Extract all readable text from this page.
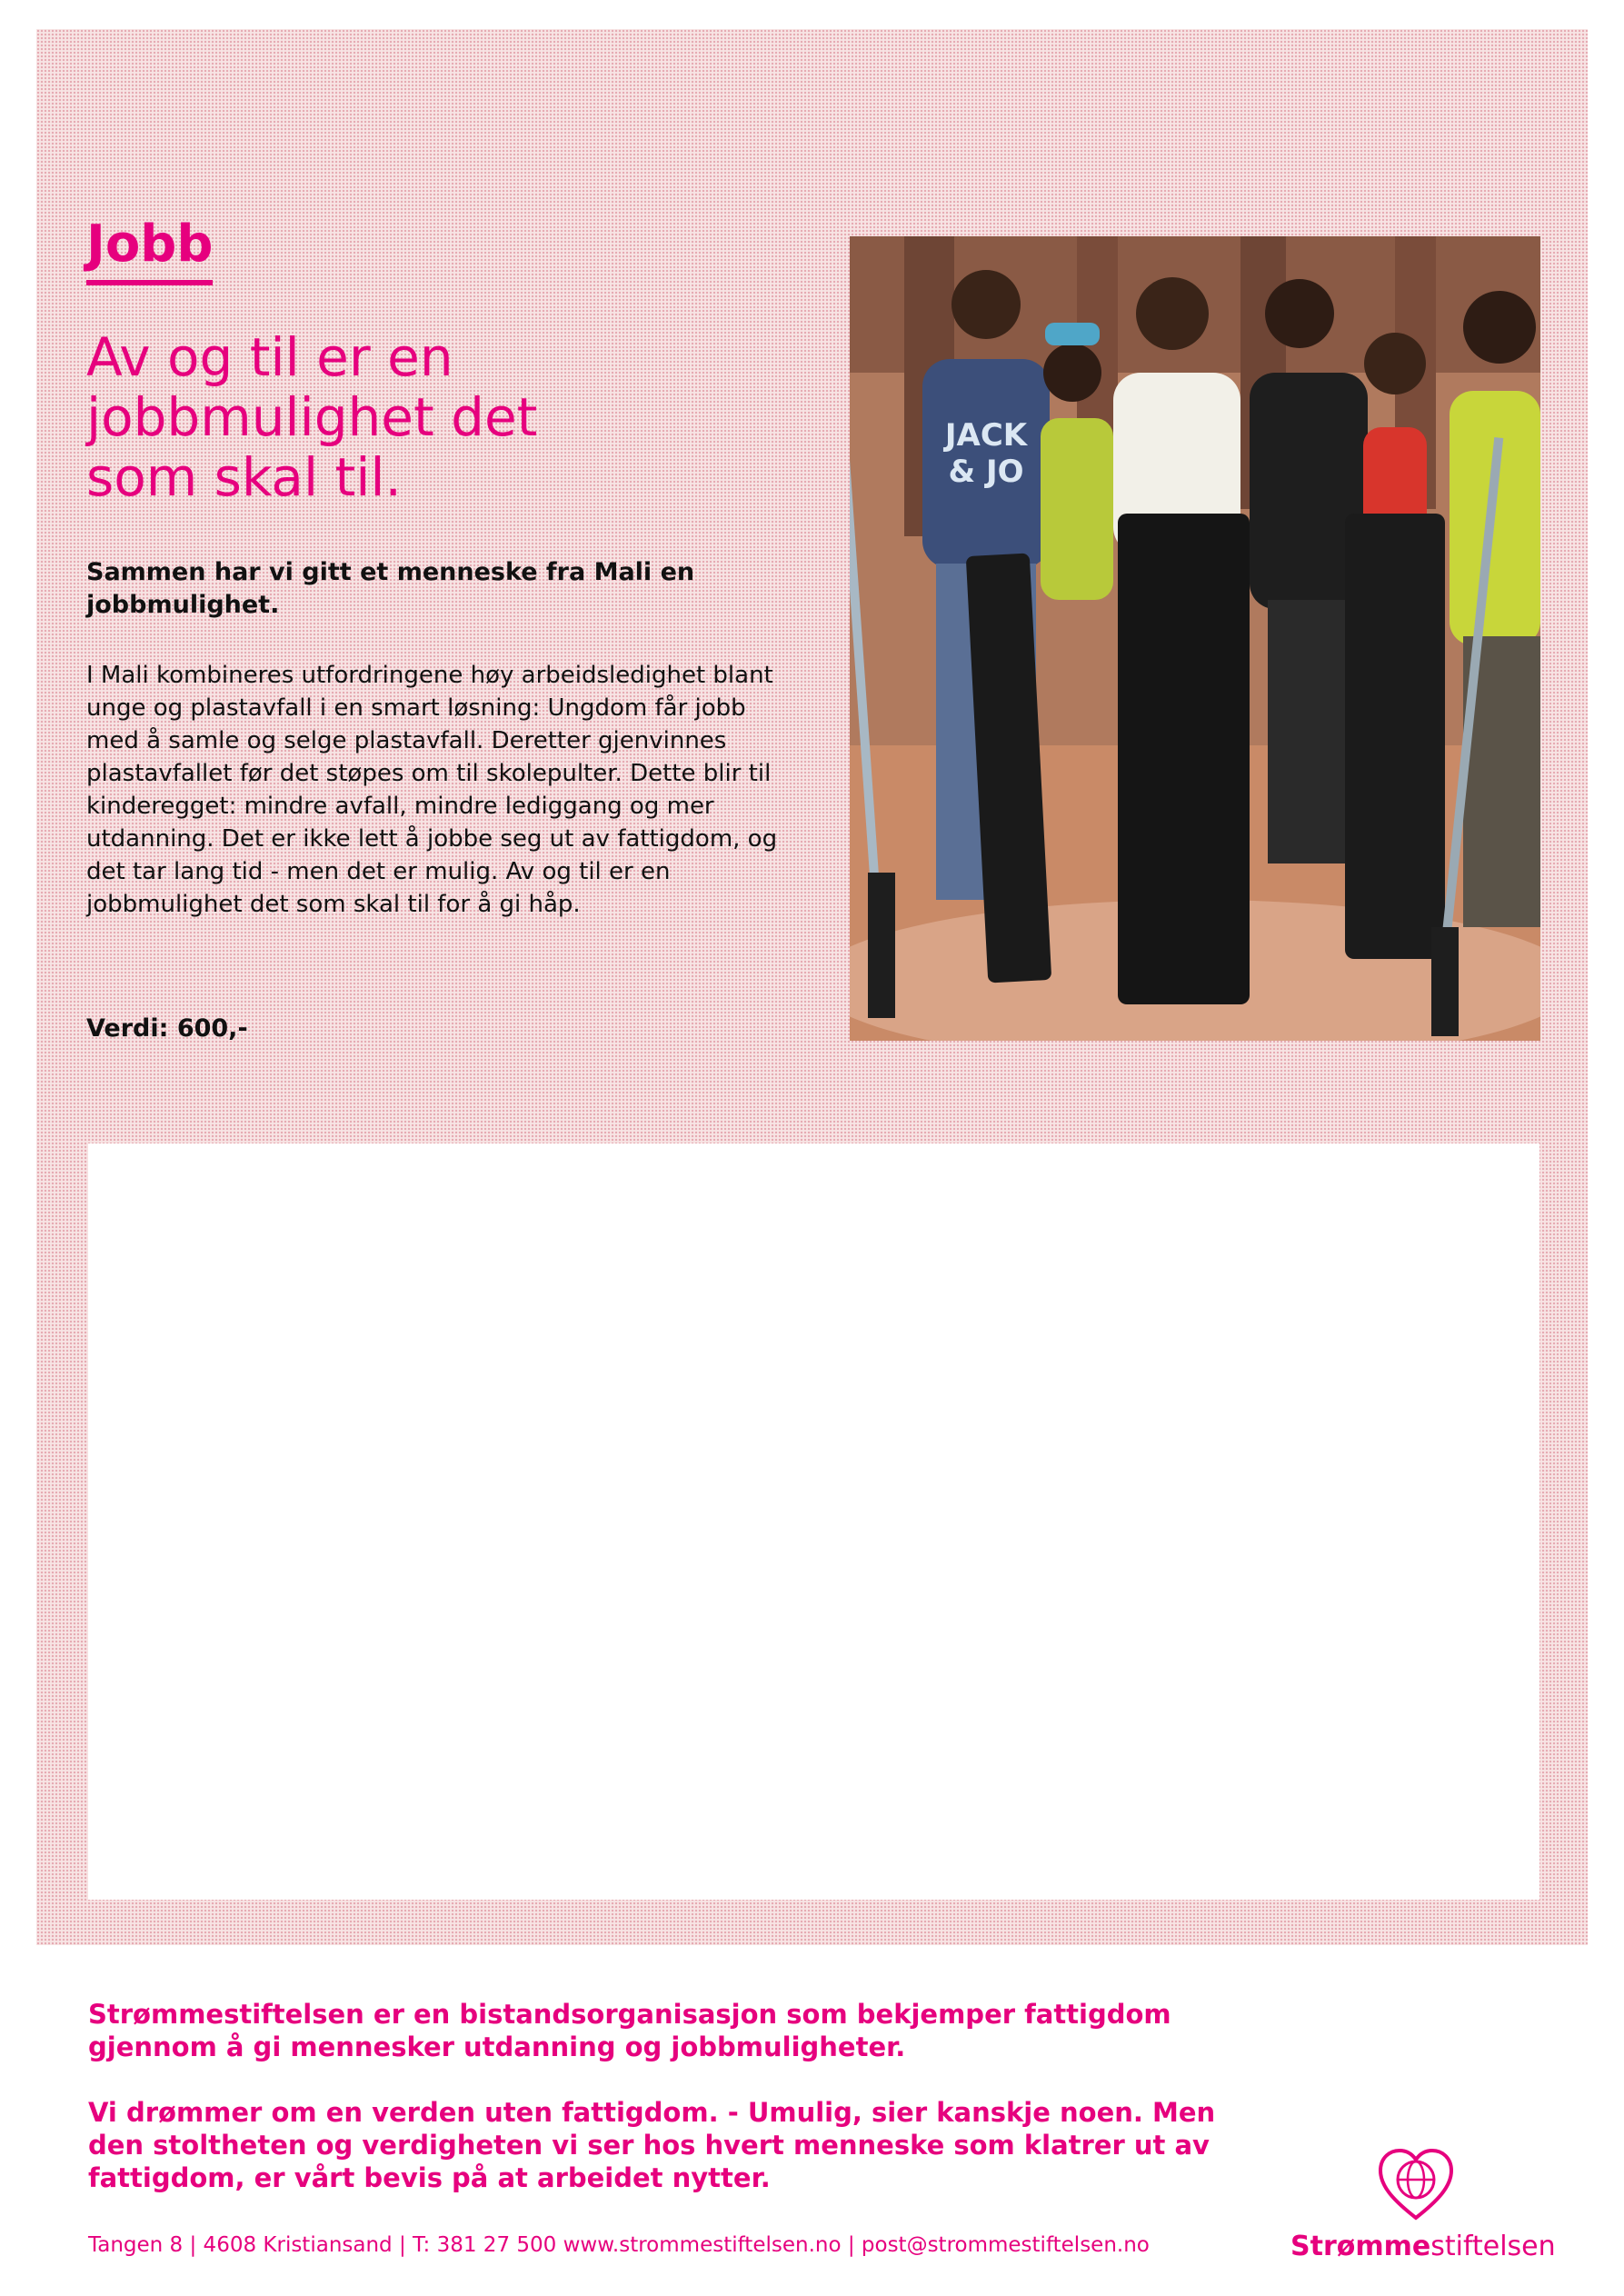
Jobb
Av og til er en
jobbmulighet det
som skal til.
Sammen har vi gitt et menneske fra Mali en jobbmulighet.
I Mali kombineres utfordringene høy arbeidsledighet blant unge og plastavfall i en smart løsning: Ungdom får jobb med å samle og selge plastavfall. Deretter gjenvinnes plastavfallet før det støpes om til skolepulter. Dette blir til kinderegget: mindre avfall, mindre lediggang og mer utdanning. Det er ikke lett å jobbe seg ut av fattigdom, og det tar lang tid - men det er mulig. Av og til er en jobbmulighet det som skal til for å gi håp.
Verdi: 600,-
JACK
& JO

Strømmestiftelsen er en bistandsorganisasjon som bekjemper fattigdom gjennom å gi mennesker utdanning og jobbmuligheter.

Vi drømmer om en verden uten fattigdom. - Umulig, sier kanskje noen. Men den stoltheten og verdigheten vi ser hos hvert menneske som klatrer ut av fattigdom, er vårt bevis på at arbeidet nytter.

Tangen 8 | 4608 Kristiansand | T: 381 27 500 www.strommestiftelsen.no | post@strommestiftelsen.no	Strømmestiftelsen
